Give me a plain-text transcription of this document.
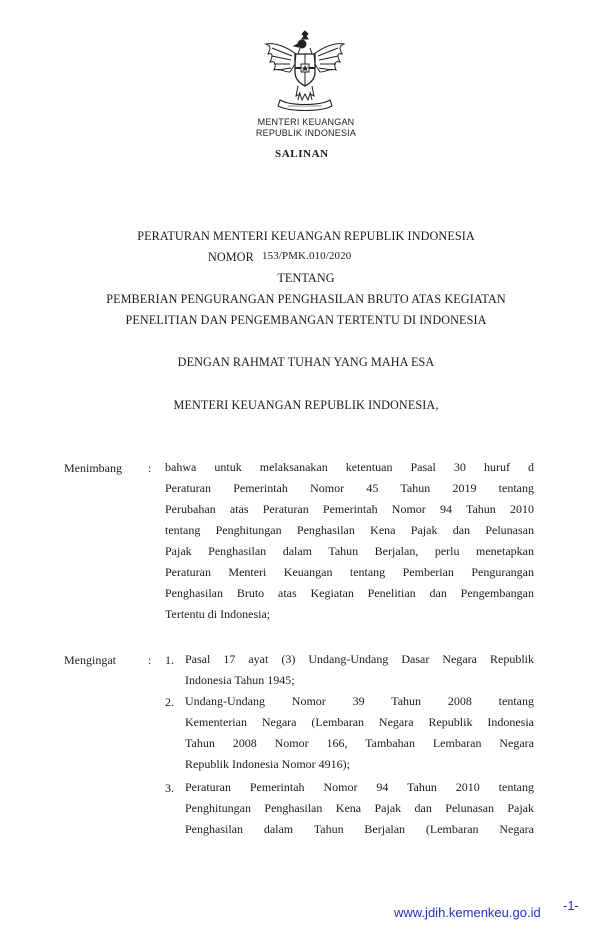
MENTERI KEUANGAN
REPUBLIK INDONESIA
SALINAN
PERATURAN MENTERI KEUANGAN REPUBLIK INDONESIA
NOMOR 153/PMK.010/2020
TENTANG
PEMBERIAN PENGURANGAN PENGHASILAN BRUTO ATAS KEGIATAN
PENELITIAN DAN PENGEMBANGAN TERTENTU DI INDONESIA
DENGAN RAHMAT TUHAN YANG MAHA ESA
MENTERI KEUANGAN REPUBLIK INDONESIA,
Menimbang : bahwa untuk melaksanakan ketentuan Pasal 30 huruf d
Peraturan Pemerintah Nomor 45 Tahun 2019 tentang
Perubahan atas Peraturan Pemerintah Nomor 94 Tahun 2010
tentang Penghitungan Penghasilan Kena Pajak dan Pelunasan
Pajak Penghasilan dalam Tahun Berjalan, perlu menetapkan
Peraturan Menteri Keuangan tentang Pemberian Pengurangan
Penghasilan Bruto atas Kegiatan Penelitian dan Pengembangan
Tertentu di Indonesia;
Mengingat	: 1. Pasal 17 ayat (3) Undang-Undang Dasar Negara Republik
Indonesia Tahun 1945;
2. Undang-Undang Nomor 39 Tahun 2008 tentang
Kementerian Negara (Lembaran Negara Republik Indonesia
Tahun 2008 Nomor 166, Tambahan Lembaran Negara
Republik Indonesia Nomor 4916);
3. Peraturan Pemerintah Nomor 94 Tahun 2010 tentang
Penghitungan Penghasilan Kena Pajak dan Pelunasan Pajak
Penghasilan dalam Tahun Berjalan (Lembaran Negara
www.jdih.kemenkeu.go.id -1-
